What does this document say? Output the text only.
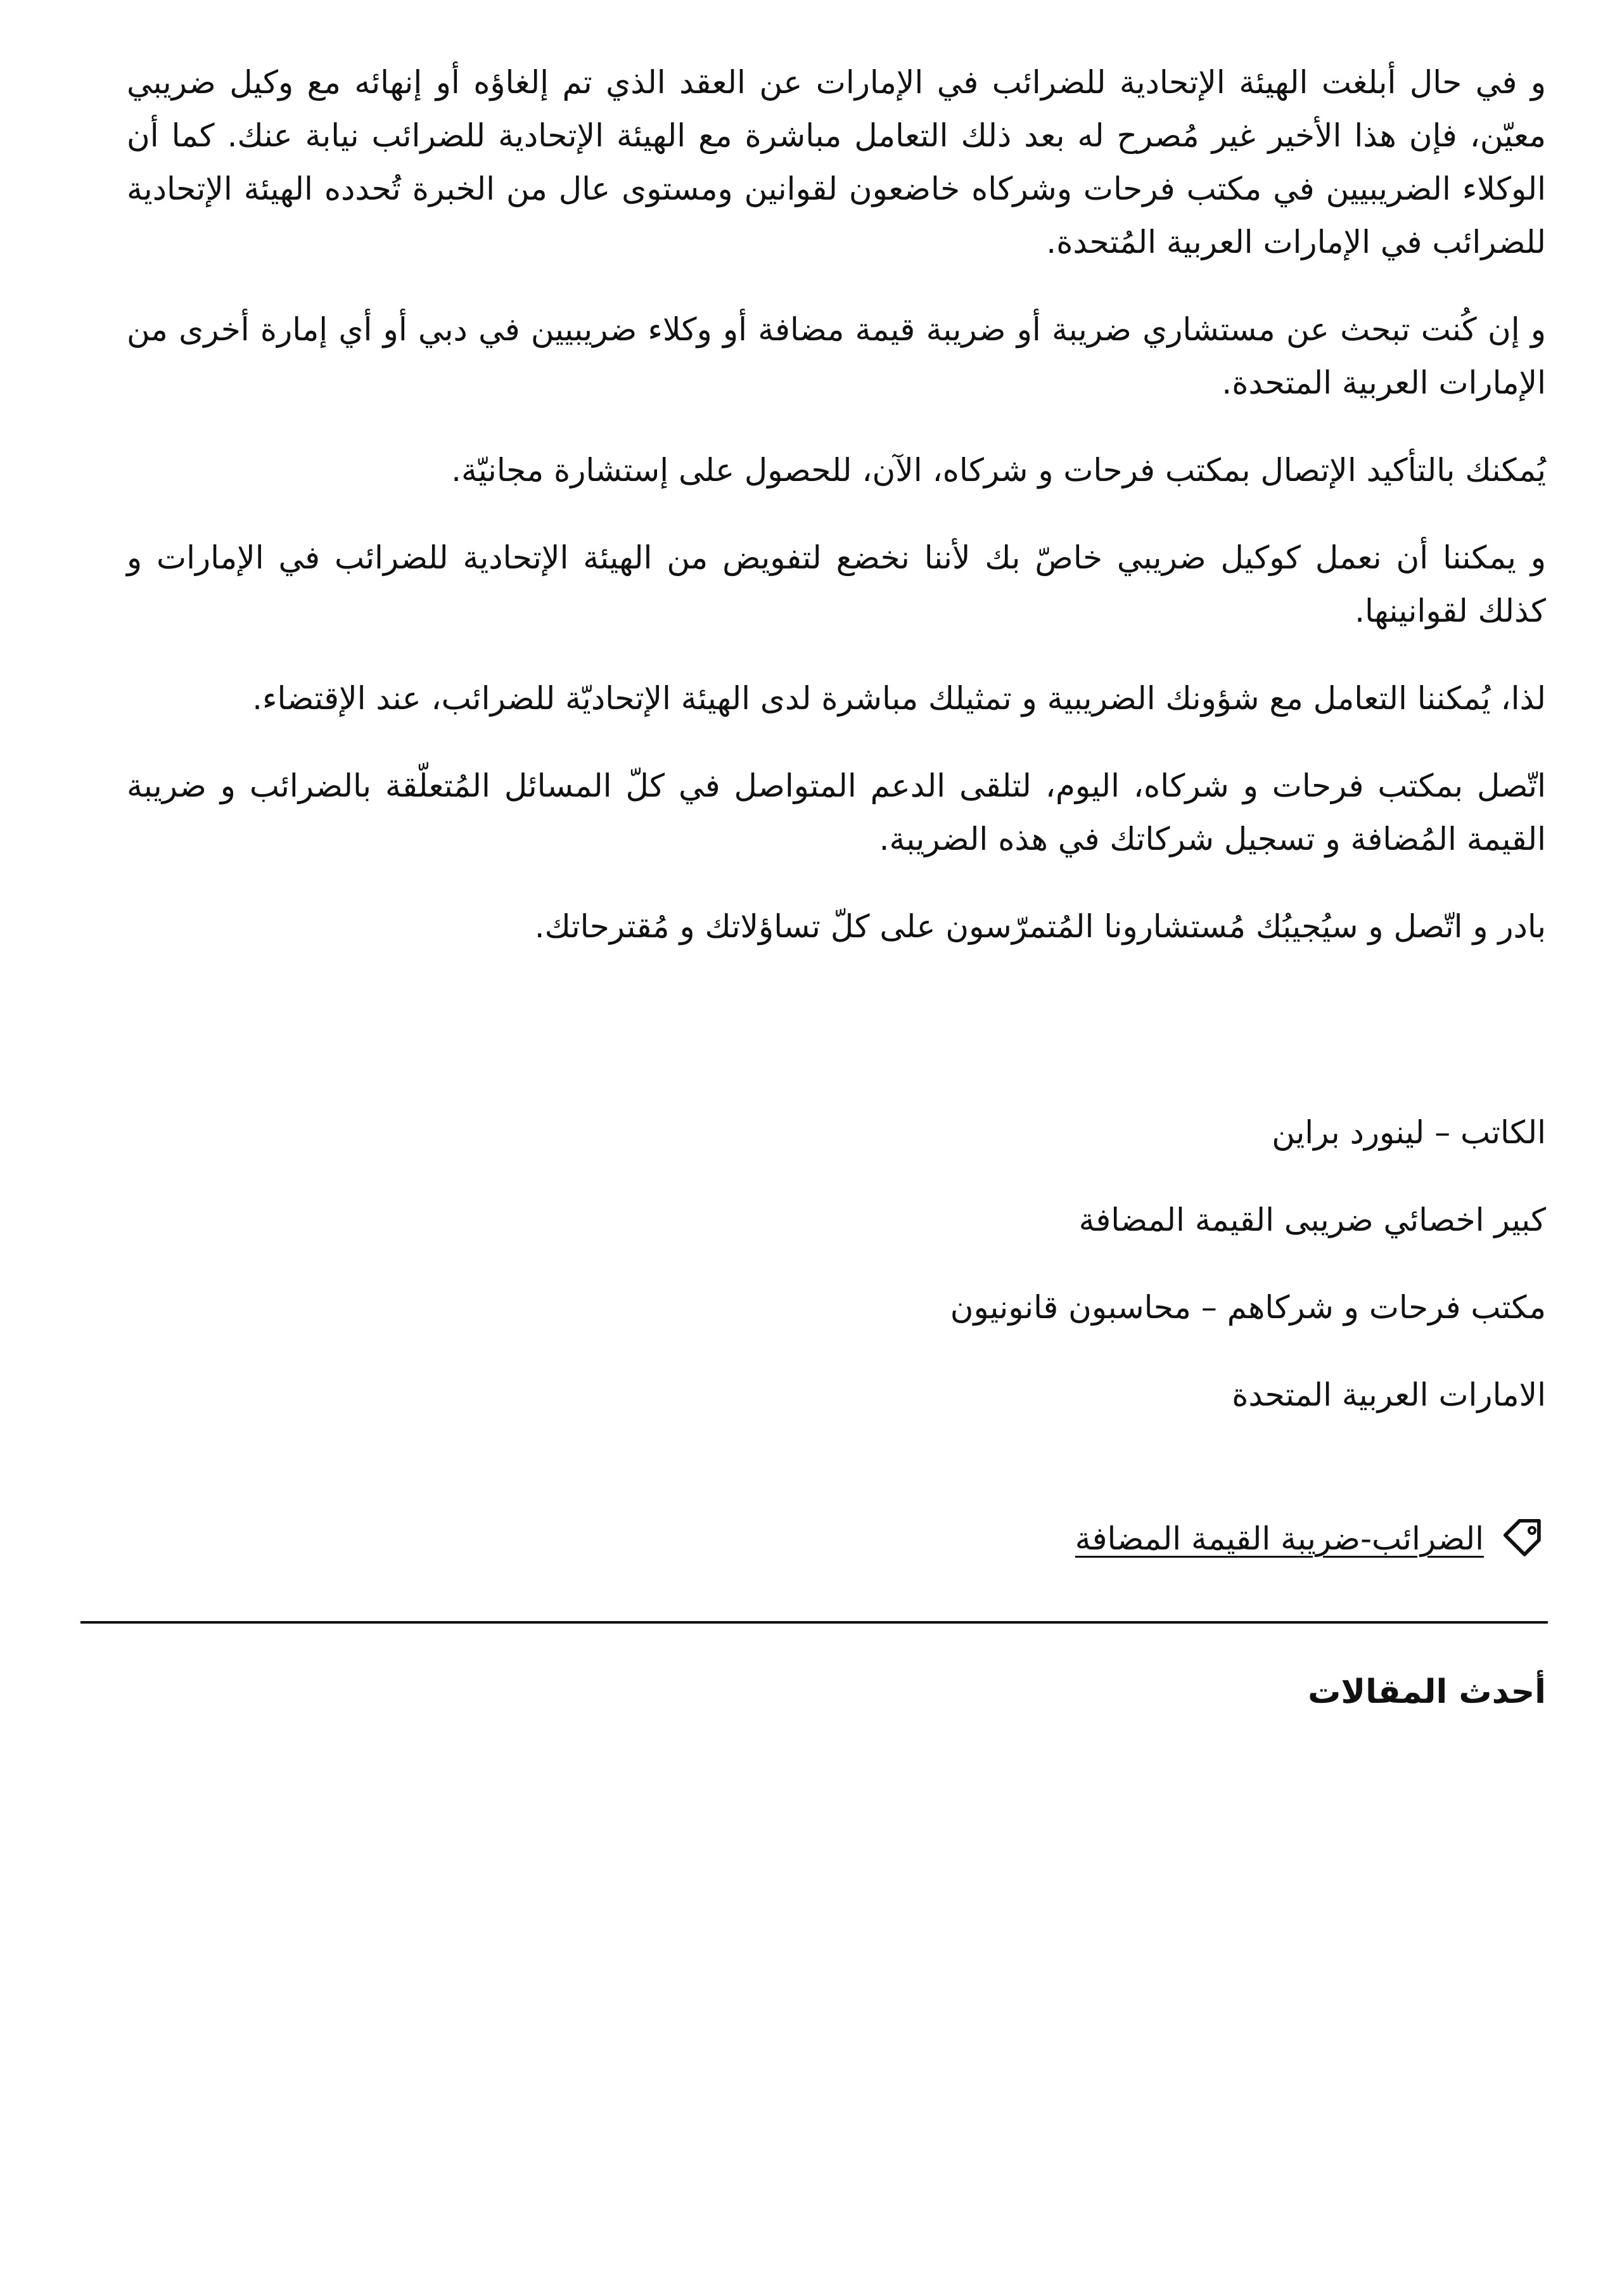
و في حال أبلغت الهيئة الإتحادية للضرائب في الإمارات عن العقد الذي تم إلغاؤه أو إنهائه مع وكيل ضريبي معيّن، فإن هذا الأخير غير مُصرح له بعد ذلك التعامل مباشرة مع الهيئة الإتحادية للضرائب نيابة عنك. كما أن الوكلاء الضريبيين في مكتب فرحات وشركاه خاضعون لقوانين ومستوى عال من الخبرة تُحدده الهيئة الإتحادية للضرائب في الإمارات العربية المُتحدة.

و إن كُنت تبحث عن مستشاري ضريبة أو ضريبة قيمة مضافة أو وكلاء ضريبيين في دبي أو أي إمارة أخرى من الإمارات العربية المتحدة.

يُمكنك بالتأكيد الإتصال بمكتب فرحات و شركاه، الآن، للحصول على إستشارة مجانيّة.

و يمكننا أن نعمل كوكيل ضريبي خاصّ بك لأننا نخضع لتفويض من الهيئة الإتحادية للضرائب في الإمارات و كذلك لقوانينها.

لذا، يُمكننا التعامل مع شؤونك الضريبية و تمثيلك مباشرة لدى الهيئة الإتحاديّة للضرائب، عند الإقتضاء.

اتّصل بمكتب فرحات و شركاه، اليوم، لتلقى الدعم المتواصل في كلّ المسائل المُتعلّقة بالضرائب و ضريبة القيمة المُضافة و تسجيل شركاتك في هذه الضريبة.

بادر و اتّصل و سيُجيبُك مُستشارونا المُتمرّسون على كلّ تساؤلاتك و مُقترحاتك.

الكاتب – لينورد براين

كبير اخصائي ضريبى القيمة المضافة

مكتب فرحات و شركاهم – محاسبون قانونيون

الامارات العربية المتحدة

الضرائب-ضريبة القيمة المضافة
أحدث المقالات
